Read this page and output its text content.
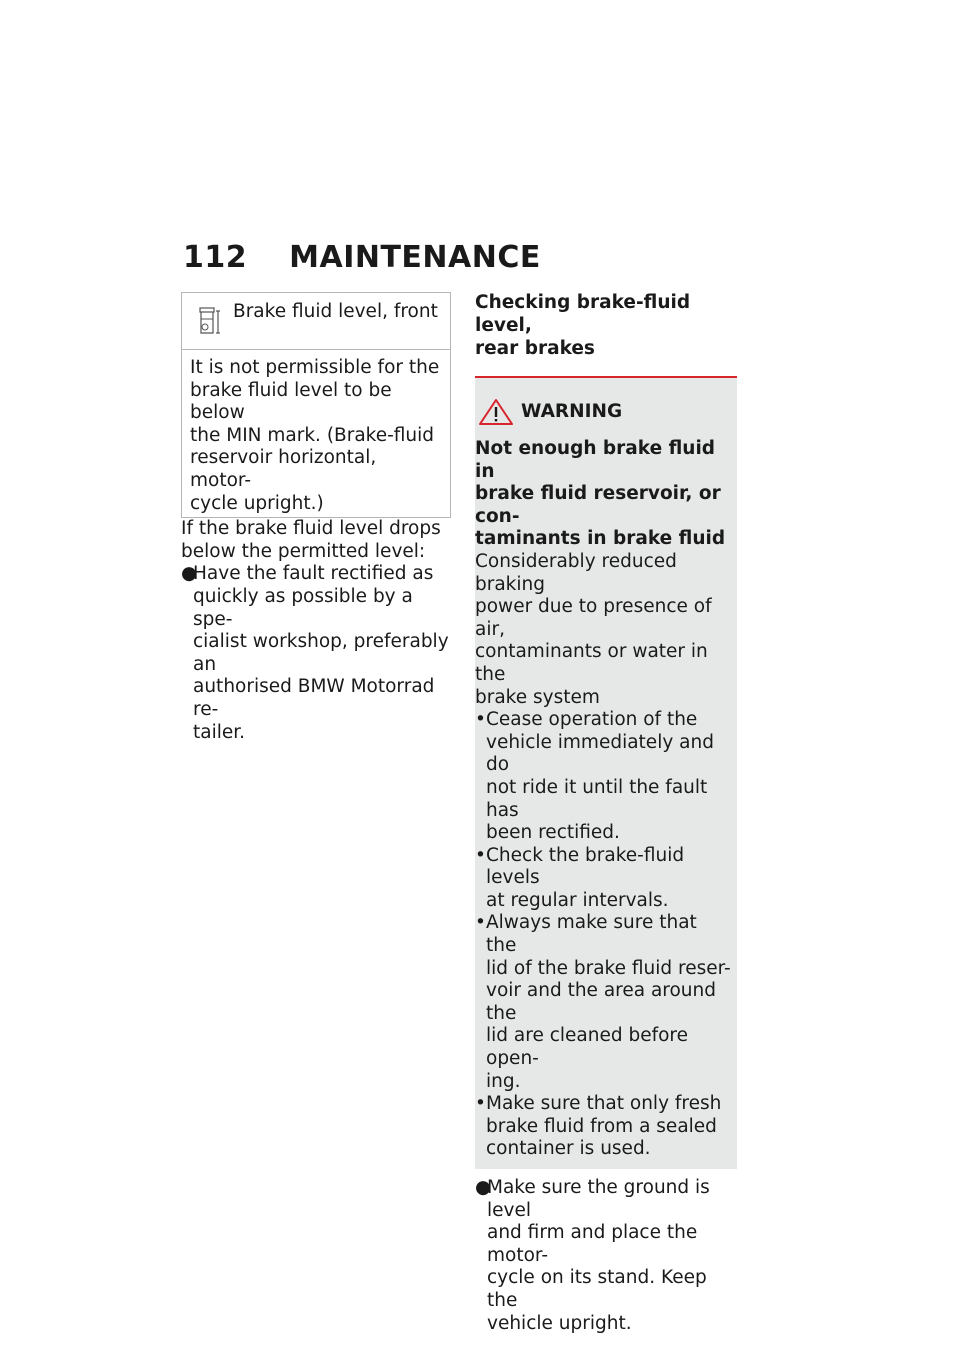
112 MAINTENANCE
Brake fluid level, front
It is not permissible for the
brake fluid level to be below
the MIN mark. (Brake-fluid
reservoir horizontal, motor-
cycle upright.)
If the brake fluid level drops
below the permitted level:
●
Have the fault rectified as
quickly as possible by a spe-
cialist workshop, preferably an
authorised BMW Motorrad re-
tailer.
Checking brake-fluid level,
rear brakes
WARNING
Not enough brake fluid in
brake fluid reservoir, or con-
taminants in brake fluid
Considerably reduced braking
power due to presence of air,
contaminants or water in the
brake system
• Cease operation of the
vehicle immediately and do
not ride it until the fault has
been rectified.
• Check the brake-fluid levels
at regular intervals.
• Always make sure that the
lid of the brake fluid reser-
voir and the area around the
lid are cleaned before open-
ing.
• Make sure that only fresh
brake fluid from a sealed
container is used.
●
Make sure the ground is level
and firm and place the motor-
cycle on its stand. Keep the
vehicle upright.
